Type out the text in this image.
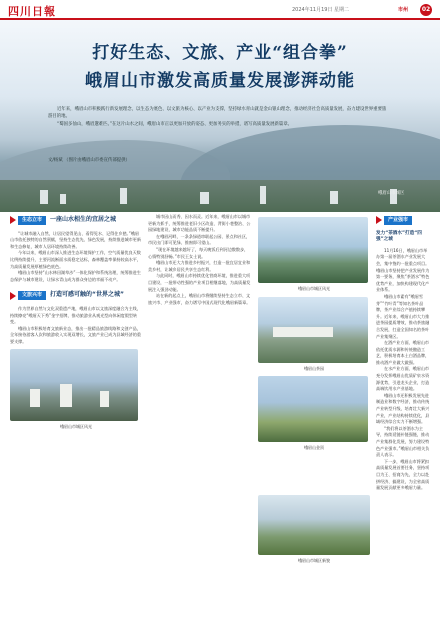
四川日報	2024年11月19日 星期二	市州	02
打好生态、文旅、产业“组合拳”
峨眉山市激发高质量发展澎湃动能

近年来，峨眉山市积极践行新发展理念，以生态为底色、以文旅为核心、以产业为支撑，坚持绿水青山就是金山银山理念，推动经济社会高质量发展，奋力建设世界重要旅游目的地。

“蜀国多仙山，峨眉邈难匹。”在这片山水之间，峨眉山市正以更加开放的姿态、更加务实的举措，谱写高质量发展新篇章。

文/杨斌 （图片由峨眉山市委宣传部提供）
峨眉山市城区
生态立市	一座山水相生的宜居之城

“让城市融入自然，让居民望得见山、看得见水、记得住乡愁。”峨眉山市依托独特的自然禀赋，坚持生态优先、绿色发展，持续推进城市更新和生态修复，城市人居环境持续改善。

今年以来，峨眉山市深入推进生态环境保护工作，空气质量优良天数比例持续提升，主要河流断面水质稳定达标，森林覆盖率保持较高水平，为高质量发展厚植绿色底色。

峨眉山市坚持“山水林田湖草沙”一体化保护和系统治理，统筹推进生态保护与城市建设，让绿水青山成为群众身边的幸福不动产。

文旅兴市	打造可感可触的“世界之城”

作为世界自然与文化双重遗产地，峨眉山市以文旅深度融合为主线，持续擦亮“峨眉天下秀”金字招牌，推动旅游业从观光型向休闲度假型转变。

峨眉山市积极培育文旅新业态，推出一批精品旅游线路和文创产品，全年接待游客人次和旅游收入实现双增长，文旅产业已成为县域经济的重要支撑。

峨眉山市城区风光

城市因山而秀、因水而灵。近年来，峨眉山市以城市更新为抓手，统筹推进老旧小区改造、背街小巷整治、公园绿地建设，城市功能品质不断提升。

在峨眉河畔，一条条绿道串联起公园、景点和社区，市民出门即可见绿、推窗即可望山。

“现在环境越来越好了，每天晚饭后到河边散散步，心情特别舒畅。”市民王女士说。

峨眉山市还大力推进乡村振兴，打造一批宜居宜业和美乡村，让城乡居民共享生态红利。

与此同时，峨眉山市持续优化营商环境，推进重大项目建设，一批带动性强的产业项目相继落地，为高质量发展注入强劲动能。

站在新的起点上，峨眉山市将继续坚持生态立市、文旅兴市、产业强市，奋力谱写中国式现代化峨眉新篇章。

峨眉山市城区风光
峨眉山茶园
峨眉山金顶
产业强市
发力“茶酒水”打造“四强”之城

11月16日，峨眉山市举办第一届茶酒水产业发展大会，集中签约一批重点项目。峨眉山市坚持把产业发展作为第一要务，聚焦“茶酒水”特色优势产业，加快构建现代化产业体系。

峨眉山市素有“峨眉雪芽”“竹叶青”等知名茶叶品牌，茶产业综合产值持续攀升。近年来，峨眉山市大力推进茶园提质增效，推动茶旅融合发展，打造全国知名的茶叶产业集聚区。

在酒产业方面，峨眉山市依托优质水源和传统酿造工艺，积极培育本土白酒品牌，推动酒产业做大做强。

在水产业方面，峨眉山市充分发挥峨眉山优质矿泉水资源优势，引进龙头企业，打造高端饮用水产业基地。

峨眉山市还积极发展先进制造业和数字经济，推动传统产业转型升级，培育壮大新兴产业，产业结构持续优化，县域经济综合实力不断增强。

“我们将以茶酒水为主导，持续延链补链强链，推动产业集群化发展，努力建设特色产业强市。”峨眉山市相关负责人表示。

下一步，峨眉山市将紧扣高质量发展首要任务，坚持项目为王、招商为先，全力以赴拼经济、搞建设，为全省高质量发展贡献更多峨眉力量。

峨眉山市城区新貌
